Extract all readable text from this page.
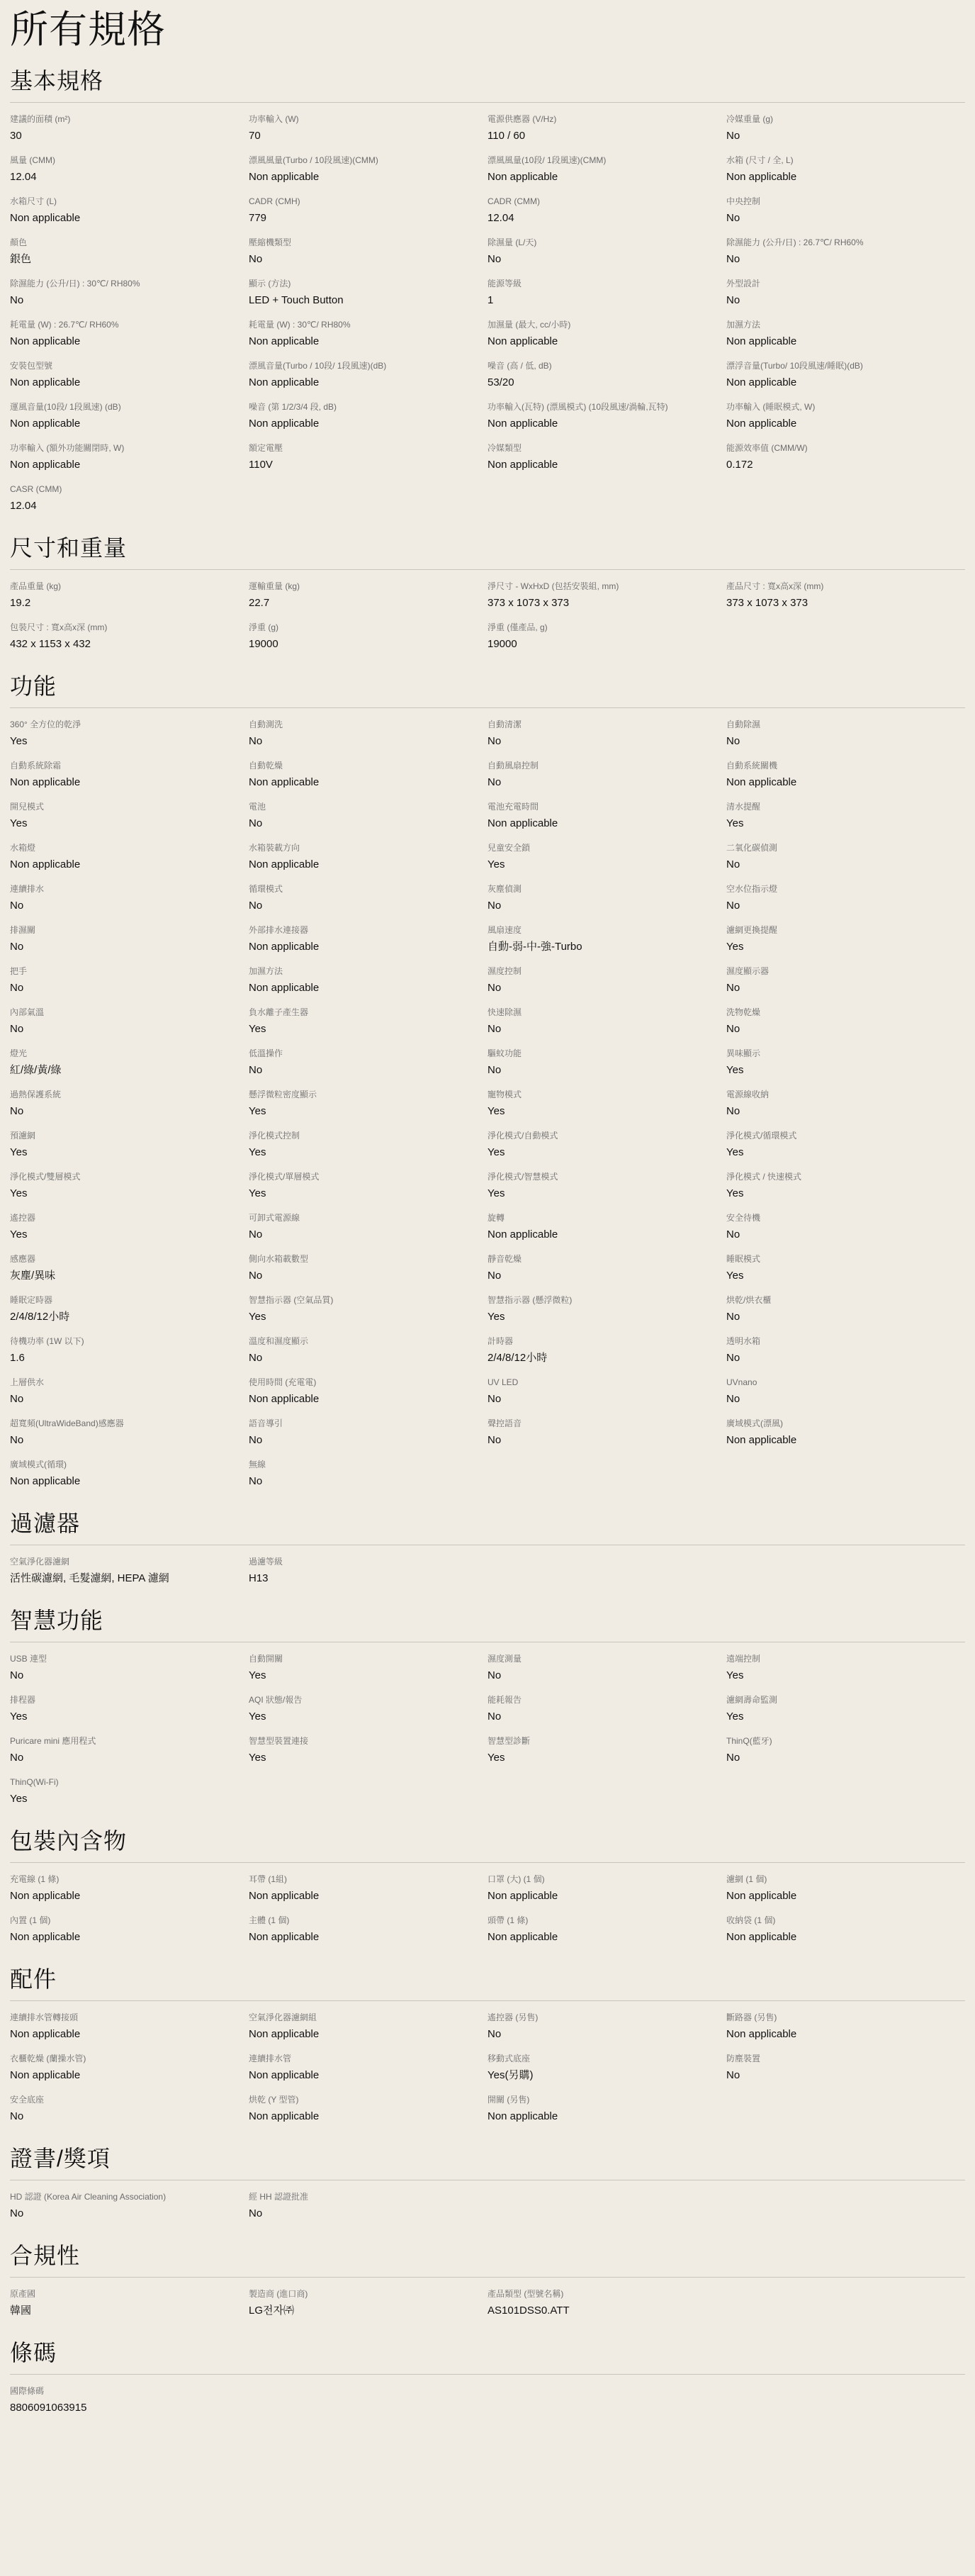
所有規格
基本規格
建議的面積 (m²)
30
功率輸入 (W)
70
電源供應器 (V/Hz)
110 / 60
冷媒重量 (g)
No
風量 (CMM)
12.04
漂風風量(Turbo / 10段風速)(CMM)
Non applicable
漂風風量(10段/ 1段風速)(CMM)
Non applicable
水箱 (尺寸 / 全, L)
Non applicable
水箱尺寸 (L)
Non applicable
CADR (CMH)
779
CADR (CMM)
12.04
中央控制
No
顏色
銀色
壓縮機類型
No
除濕量 (L/天)
No
除濕能力 (公升/日) : 26.7℃/ RH60%
No
除濕能力 (公升/日) : 30℃/ RH80%
No
顯示 (方法)
LED + Touch Button
能源等級
1
外型設計
No
耗電量 (W) : 26.7℃/ RH60%
Non applicable
耗電量 (W) : 30℃/ RH80%
Non applicable
加濕量 (最大, cc/小時)
Non applicable
加濕方法
Non applicable
安裝包型號
Non applicable
漂風音量(Turbo / 10段/ 1段風速)(dB)
Non applicable
噪音 (高 / 低, dB)
53/20
漂浮音量(Turbo/ 10段風速/睡眠)(dB)
Non applicable
運風音量(10段/ 1段風速) (dB)
Non applicable
噪音 (第 1/2/3/4 段, dB)
Non applicable
功率輸入(瓦特) (漂風模式) (10段風速/渦輪,瓦特)
Non applicable
功率輸入 (睡眠模式, W)
Non applicable
功率輸入 (額外功能關閉時, W)
Non applicable
額定電壓
110V
冷媒類型
Non applicable
能源效率值 (CMM/W)
0.172
CASR (CMM)
12.04
尺寸和重量
產品重量 (kg)
19.2
運輸重量 (kg)
22.7
淨尺寸 - WxHxD (包括安裝組, mm)
373 x 1073 x 373
產品尺寸 : 寬x高x深 (mm)
373 x 1073 x 373
包裝尺寸 : 寬x高x深 (mm)
432 x 1153 x 432
淨重 (g)
19000
淨重 (僅產品, g)
19000
功能
360° 全方位的乾淨
Yes
自動測洗
No
自動清潔
No
自動除濕
No
自動系統除霜
Non applicable
自動乾燥
Non applicable
自動風扇控制
No
自動系統關機
Non applicable
開兒模式
Yes
電池
No
電池充電時間
Non applicable
清水提醒
Yes
水箱燈
Non applicable
水箱裝載方向
Non applicable
兒童安全鎖
Yes
二氧化碳偵測
No
連續排水
No
循環模式
No
灰塵偵測
No
空水位指示燈
No
排濕關
No
外部排水連接器
Non applicable
風扇速度
自動-弱-中-強-Turbo
濾網更換提醒
Yes
把手
No
加濕方法
Non applicable
濕度控制
No
濕度顯示器
No
內部氣溫
No
負水離子產生器
Yes
快速除濕
No
洗物乾燥
No
燈光
紅/綠/黃/綠
低溫操作
No
驅蚊功能
No
異味顯示
Yes
過熱保護系統
No
懸浮微粒密度顯示
Yes
寵物模式
Yes
電源線收納
No
預濾網
Yes
淨化模式控制
Yes
淨化模式/自動模式
Yes
淨化模式/循環模式
Yes
淨化模式/雙層模式
Yes
淨化模式/單層模式
Yes
淨化模式/智慧模式
Yes
淨化模式 / 快速模式
Yes
遙控器
Yes
可卸式電源線
No
旋轉
Non applicable
安全待機
No
感應器
灰塵/異味
側向水箱載數型
No
靜音乾燥
No
睡眠模式
Yes
睡眠定時器
2/4/8/12小時
智慧指示器 (空氣品質)
Yes
智慧指示器 (懸浮微粒)
Yes
烘乾/烘衣櫃
No
待機功率 (1W 以下)
1.6
溫度和濕度顯示
No
計時器
2/4/8/12小時
透明水箱
No
上層供水
No
使用時間 (充電電)
Non applicable
UV LED
No
UVnano
No
超寬頻(UltraWideBand)感應器
No
語音導引
No
聲控語音
No
廣域模式(漂風)
Non applicable
廣域模式(循環)
Non applicable
無線
No
過濾器
空氣淨化器濾網
活性碳濾網, 毛髮濾網, HEPA 濾網
過濾等級
H13
智慧功能
USB 連型
No
自動開關
Yes
濕度測量
No
遠端控制
Yes
排程器
Yes
AQI 狀態/報告
Yes
能耗報告
No
濾網壽命監測
Yes
Puricare mini 應用程式
No
智慧型裝置連接
Yes
智慧型診斷
Yes
ThinQ(藍牙)
No
ThinQ(Wi-Fi)
Yes
包裝內含物
充電線 (1 條)
Non applicable
耳帶 (1組)
Non applicable
口罩 (大) (1 個)
Non applicable
濾網 (1 個)
Non applicable
內置 (1 個)
Non applicable
主體 (1 個)
Non applicable
頭帶 (1 條)
Non applicable
收納袋 (1 個)
Non applicable
配件
連續排水管轉接頭
Non applicable
空氣淨化器濾網組
Non applicable
遙控器 (另售)
No
斷路器 (另售)
Non applicable
衣櫃乾燥 (蘭操水管)
Non applicable
連續排水管
Non applicable
移動式底座
Yes(另購)
防塵裝置
No
安全底座
No
烘乾 (Y 型管)
Non applicable
開關 (另售)
Non applicable
證書/獎項
HD 認證 (Korea Air Cleaning Association)
No
經 HH 認證批准
No
合規性
原產國
韓國
製造商 (進口商)
LG전자㈜
產品類型 (型號名稱)
AS101DSS0.ATT
條碼
國際條碼
8806091063915
